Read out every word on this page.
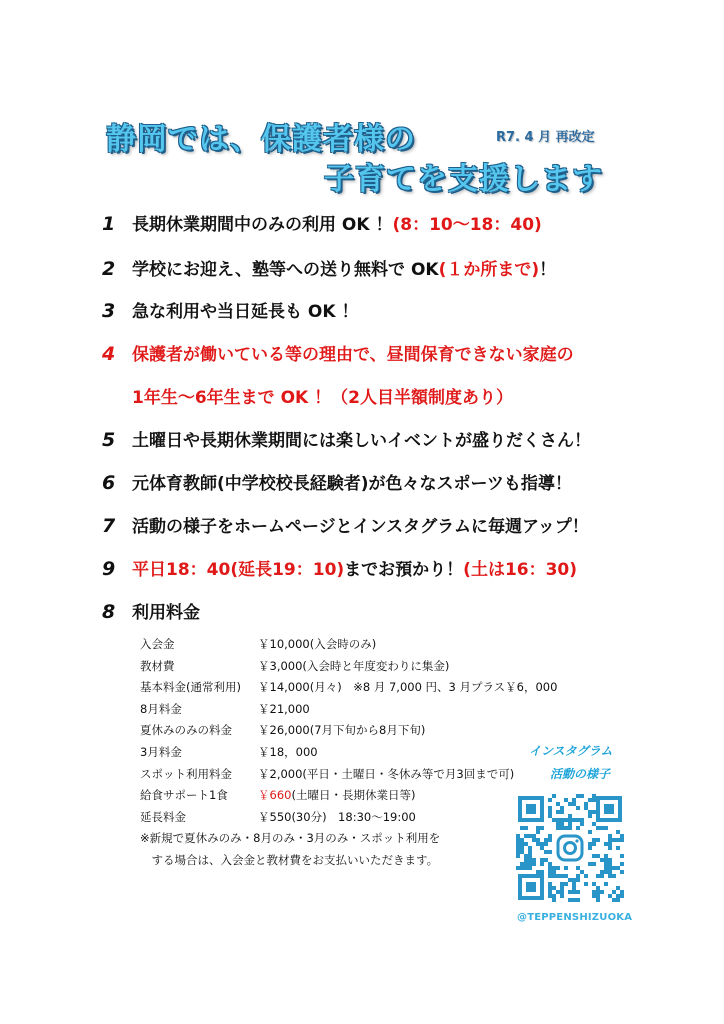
静岡では、保護者様の
子育てを支援します
R7. 4 月 再改定
1 長期休業期間中のみの利用 OK ！(8：10～18：40)
2 学校にお迎え、塾等への送り無料で OK(１か所まで)！
3 急な利用や当日延長も OK ！
4 保護者が働いている等の理由で、昼間保育できない家庭の
1年生～6年生まで OK ！（2人目半額制度あり）
5 土曜日や長期休業期間には楽しいイベントが盛りだくさん！
6 元体育教師(中学校校長経験者)が色々なスポーツも指導！
7 活動の様子をホームページとインスタグラムに毎週アップ！
9 平日18：40(延長19：10)までお預かり！(土は16：30)
8 利用料金
入会金	￥10,000(入会時のみ)
教材費	￥3,000(入会時と年度変わりに集金)
基本料金(通常利用) ￥14,000(月々)　※8 月 7,000 円、3 月プラス￥6，000
8月料金	￥21,000
夏休みのみの料金 ￥26,000(7月下旬から8月下旬)
3月料金	￥18，000
スポット利用料金 ￥2,000(平日・土曜日・冬休み等で月3回まで可)
給食サポート1食	￥660(土曜日・長期休業日等)
延長料金	￥550(30分)　18:30～19:00
※新規で夏休みのみ・8月のみ・3月のみ・スポット利用を
　する場合は、入会金と教材費をお支払いいただきます。
インスタグラム
活動の様子
@TEPPENSHIZUOKA
